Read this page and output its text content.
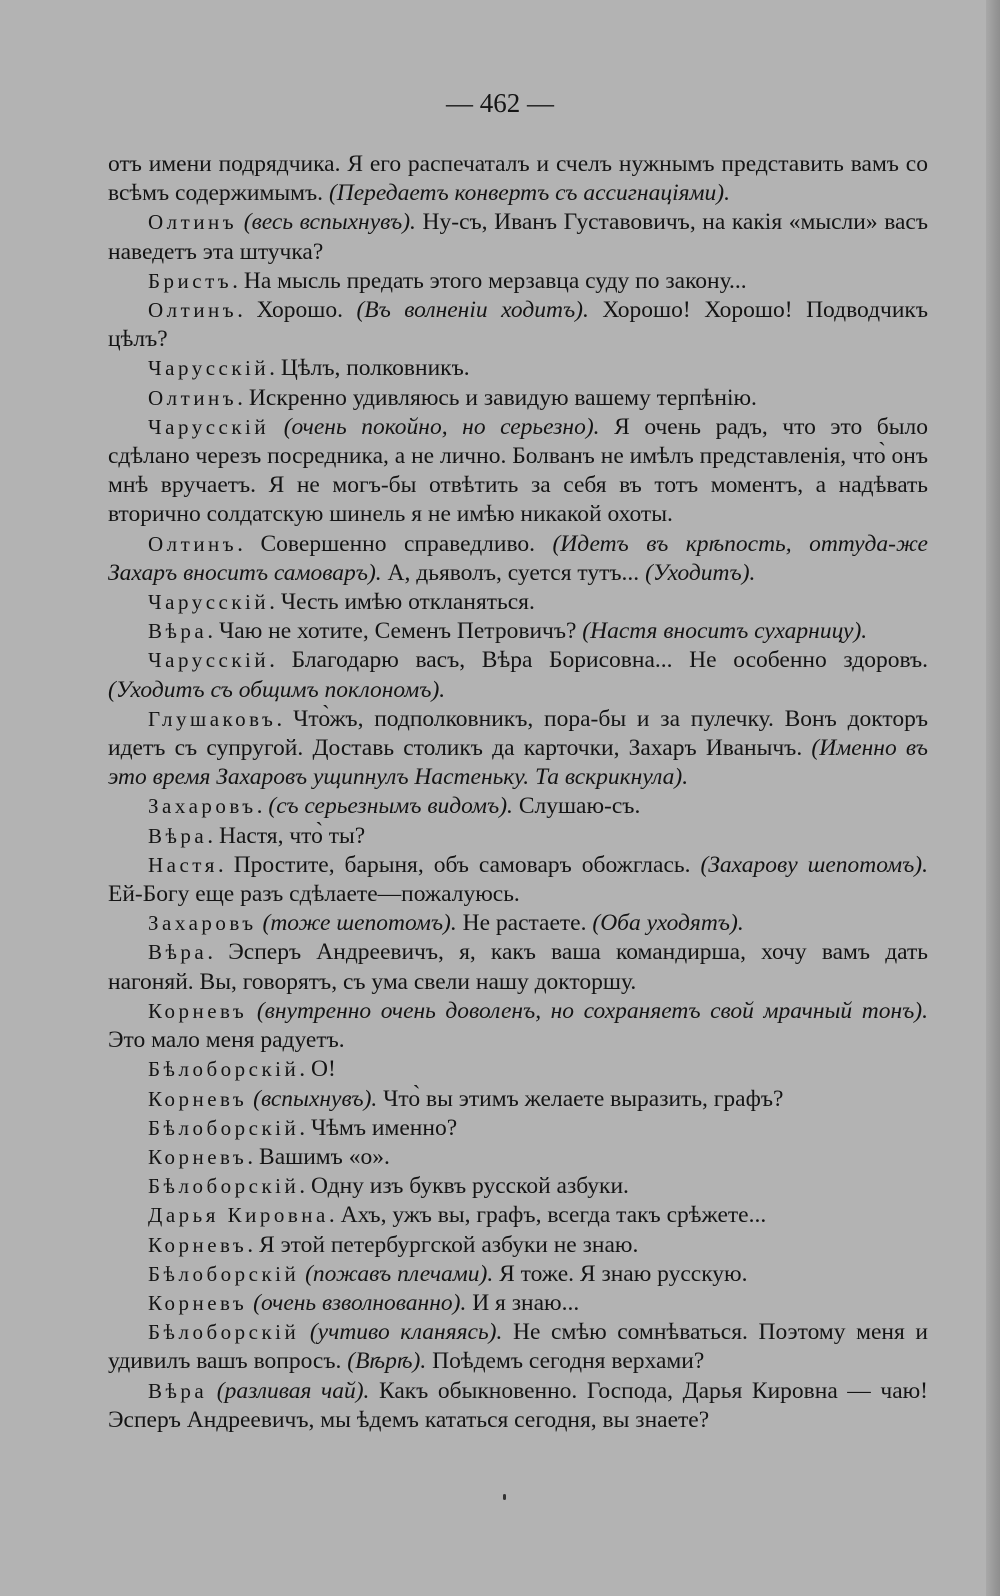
— 462 —

отъ имени подрядчика. Я его распечаталъ и счелъ нужнымъ представить вамъ со всѣмъ содержимымъ. (Передаетъ конвертъ съ ассигнаціями).

Олтинъ (весь вспыхнувъ). Ну-съ, Иванъ Густавовичъ, на какія «мысли» васъ наведетъ эта штучка?

Бристъ. На мысль предать этого мерзавца суду по закону...

Олтинъ. Хорошо. (Въ волненіи ходитъ). Хорошо! Хорошо! Подводчикъ цѣлъ?

Чарусскій. Цѣлъ, полковникъ.

Олтинъ. Искренно удивляюсь и завидую вашему терпѣнію.

Чарусскій (очень покойно, но серьезно). Я очень радъ, что это было сдѣлано черезъ посредника, а не лично. Болванъ не имѣлъ представленія, что̀ онъ мнѣ вручаетъ. Я не могъ-бы отвѣтить за себя въ тотъ моментъ, а надѣвать вторично солдатскую шинель я не имѣю никакой охоты.

Олтинъ. Совершенно справедливо. (Идетъ въ крѣпость, оттуда-же Захаръ вноситъ самоваръ). А, дьяволъ, суется тутъ... (Уходитъ).

Чарусскій. Честь имѣю откланяться.

Вѣра. Чаю не хотите, Семенъ Петровичъ? (Настя вноситъ сухарницу).

Чарусскій. Благодарю васъ, Вѣра Борисовна... Не особенно здоровъ. (Уходитъ съ общимъ поклономъ).

Глушаковъ. Что̀жъ, подполковникъ, пора-бы и за пулечку. Вонъ докторъ идетъ съ супругой. Доставь столикъ да карточки, Захаръ Иванычъ. (Именно въ это время Захаровъ ущипнулъ Настеньку. Та вскрикнула).

Захаровъ. (съ серьезнымъ видомъ). Слушаю-съ.

Вѣра. Настя, что̀ ты?

Настя. Простите, барыня, объ самоваръ обожглась. (Захарову шепотомъ). Ей-Богу еще разъ сдѣлаете—пожалуюсь.

Захаровъ (тоже шепотомъ). Не растаете. (Оба уходятъ).

Вѣра. Эсперъ Андреевичъ, я, какъ ваша командирша, хочу вамъ дать нагоняй. Вы, говорятъ, съ ума свели нашу докторшу.

Корневъ (внутренно очень доволенъ, но сохраняетъ свой мрачный тонъ). Это мало меня радуетъ.

Бѣлоборскій. О!

Корневъ (вспыхнувъ). Что̀ вы этимъ желаете выразить, графъ?

Бѣлоборскій. Чѣмъ именно?

Корневъ. Вашимъ «о».

Бѣлоборскій. Одну изъ буквъ русской азбуки.

Дарья Кировна. Ахъ, ужъ вы, графъ, всегда такъ срѣжете...

Корневъ. Я этой петербургской азбуки не знаю.

Бѣлоборскій (пожавъ плечами). Я тоже. Я знаю русскую.

Корневъ (очень взволнованно). И я знаю...

Бѣлоборскій (учтиво кланяясь). Не смѣю сомнѣваться. Поэтому меня и удивилъ вашъ вопросъ. (Вѣрѣ). Поѣдемъ сегодня верхами?

Вѣра (разливая чай). Какъ обыкновенно. Господа, Дарья Кировна — чаю! Эсперъ Андреевичъ, мы ѣдемъ кататься сегодня, вы знаете?
